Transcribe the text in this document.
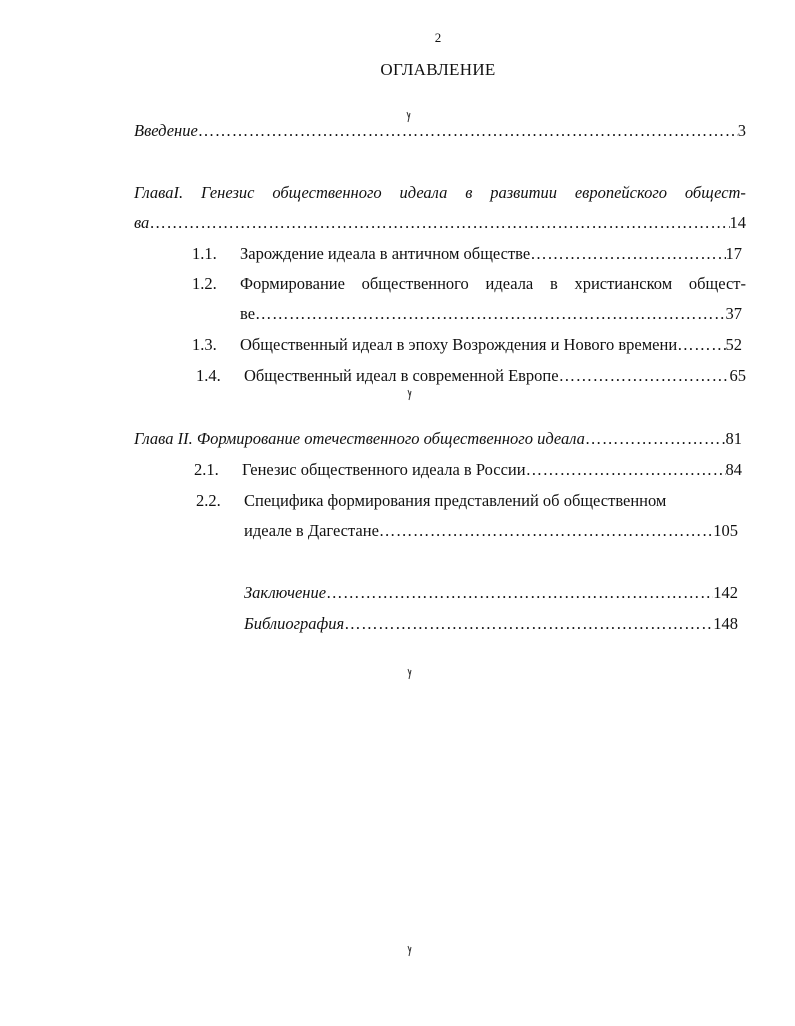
2
ОГЛАВЛЕНИЕ
Введение ……………………………………………………………………………………………………………………………………………………………………	3
ГлаваI. Генезис общественного идеала в развитии европейского общест-
ва ……………………………………………………………………………………………………………………………………………………………………	14
1.1. Зарождение идеала в античном обществе ……………………………………………………………………………………………………………………………………………………………………	17
1.2. Формирование общественного идеала в христианском общест-
ве ……………………………………………………………………………………………………………………………………………………………………	37
1.3. Общественный идеал в эпоху Возрождения и Нового времени ……………………………………………………………………………………………………………………………………………………………………	52
1.4. Общественный идеал в современной Европе ……………………………………………………………………………………………………………………………………………………………………	65
Глава II. Формирование отечественного общественного идеала ……………………………………………………………………………………………………………………………………………………………………	81
2.1. Генезис общественного идеала в России ……………………………………………………………………………………………………………………………………………………………………	84
2.2. Специфика формирования представлений об общественном
идеале в Дагестане ……………………………………………………………………………………………………………………………………………………………………	105
Заключение ……………………………………………………………………………………………………………………………………………………………………	142
Библиография ……………………………………………………………………………………………………………………………………………………………………	148
